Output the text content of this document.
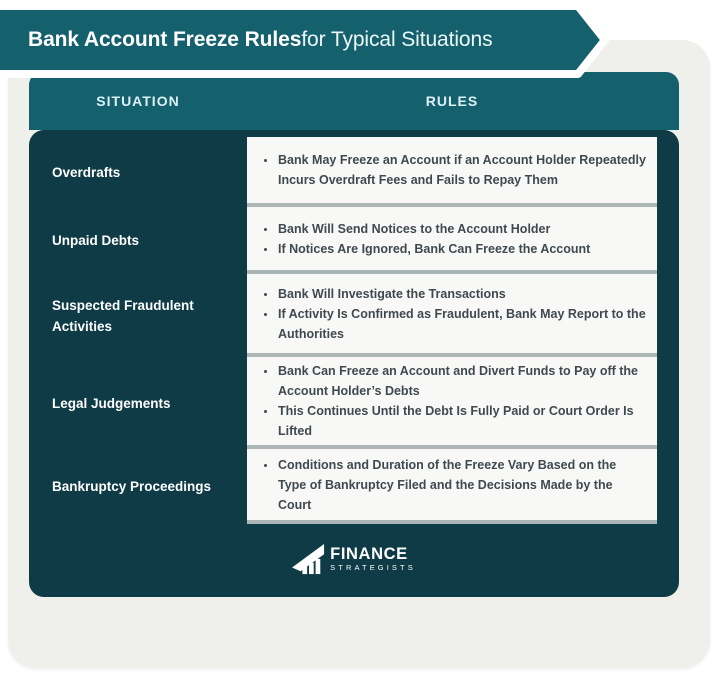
Bank Account Freeze Rules for Typical Situations
SITUATION	RULES
Overdrafts
• Bank May Freeze an Account if an Account Holder Repeatedly Incurs Overdraft Fees and Fails to Repay Them
Unpaid Debts
• Bank Will Send Notices to the Account Holder
• If Notices Are Ignored, Bank Can Freeze the Account
Suspected Fraudulent Activities
• Bank Will Investigate the Transactions
• If Activity Is Confirmed as Fraudulent, Bank May Report to the Authorities
Legal Judgements
• Bank Can Freeze an Account and Divert Funds to Pay off the Account Holder’s Debts
• This Continues Until the Debt Is Fully Paid or Court Order Is Lifted
Bankruptcy Proceedings
• Conditions and Duration of the Freeze Vary Based on the Type of Bankruptcy Filed and the Decisions Made by the Court
FINANCE
STRATEGISTS
